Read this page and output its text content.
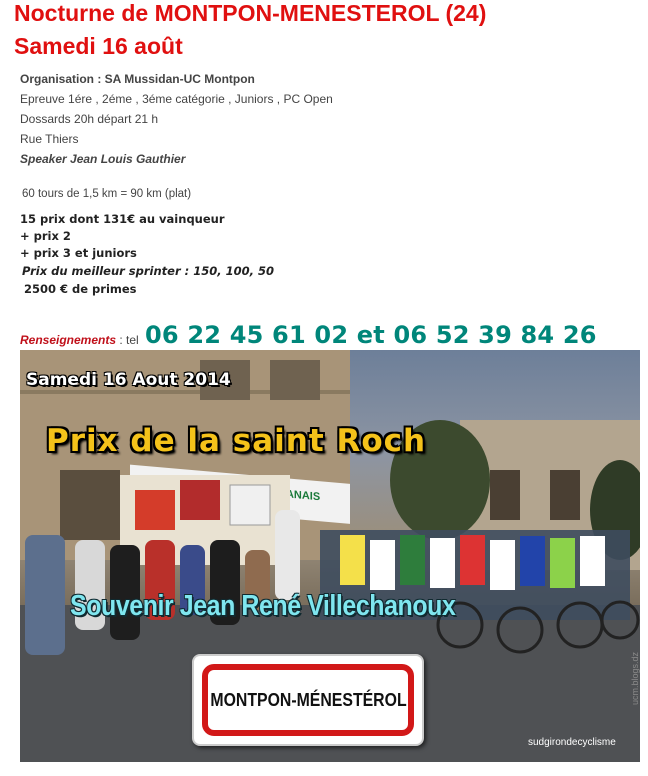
Nocturne de MONTPON-MENESTEROL (24)
Samedi 16 août
Organisation : SA Mussidan-UC Montpon
Epreuve 1ére , 2éme , 3éme catégorie , Juniors , PC Open
Dossards 20h départ 21 h
Rue Thiers
Speaker Jean Louis Gauthier
60 tours de 1,5 km = 90 km (plat)
15 prix dont 131€ au vainqueur
+ prix 2
+ prix 3 et juniors
Prix du meilleur sprinter : 150, 100, 50
2500 € de primes
Renseignements : tel 06 22 45 61 02 et 06 52 39 84 26
Samedi 16 Aout 2014
Prix de la saint Roch
Souvenir Jean René Villechanoux
MONTPON-MÉNESTÉROL
sudgirondecyclisme
ucm.blogs.dz
